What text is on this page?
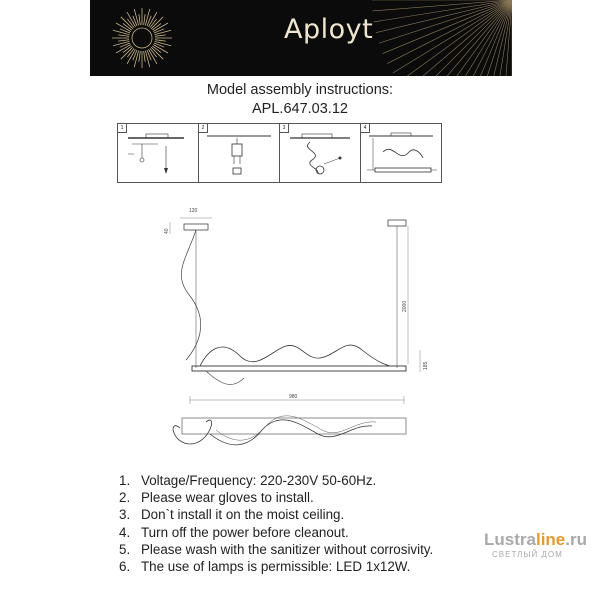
Aployt
Model assembly instructions:
APL.647.03.12
1	2	3	4
120
40
2000
185
980
1. Voltage/Frequency: 220-230V 50-60Hz.
2. Please wear gloves to install.
3. Don`t install it on the moist ceiling.
4. Turn off the power before cleanout.
5. Please wash with the sanitizer without corrosivity.
6. The use of lamps is permissible: LED 1x12W.
Lustraline.ru
СВЕТЛЫЙ ДОМ
